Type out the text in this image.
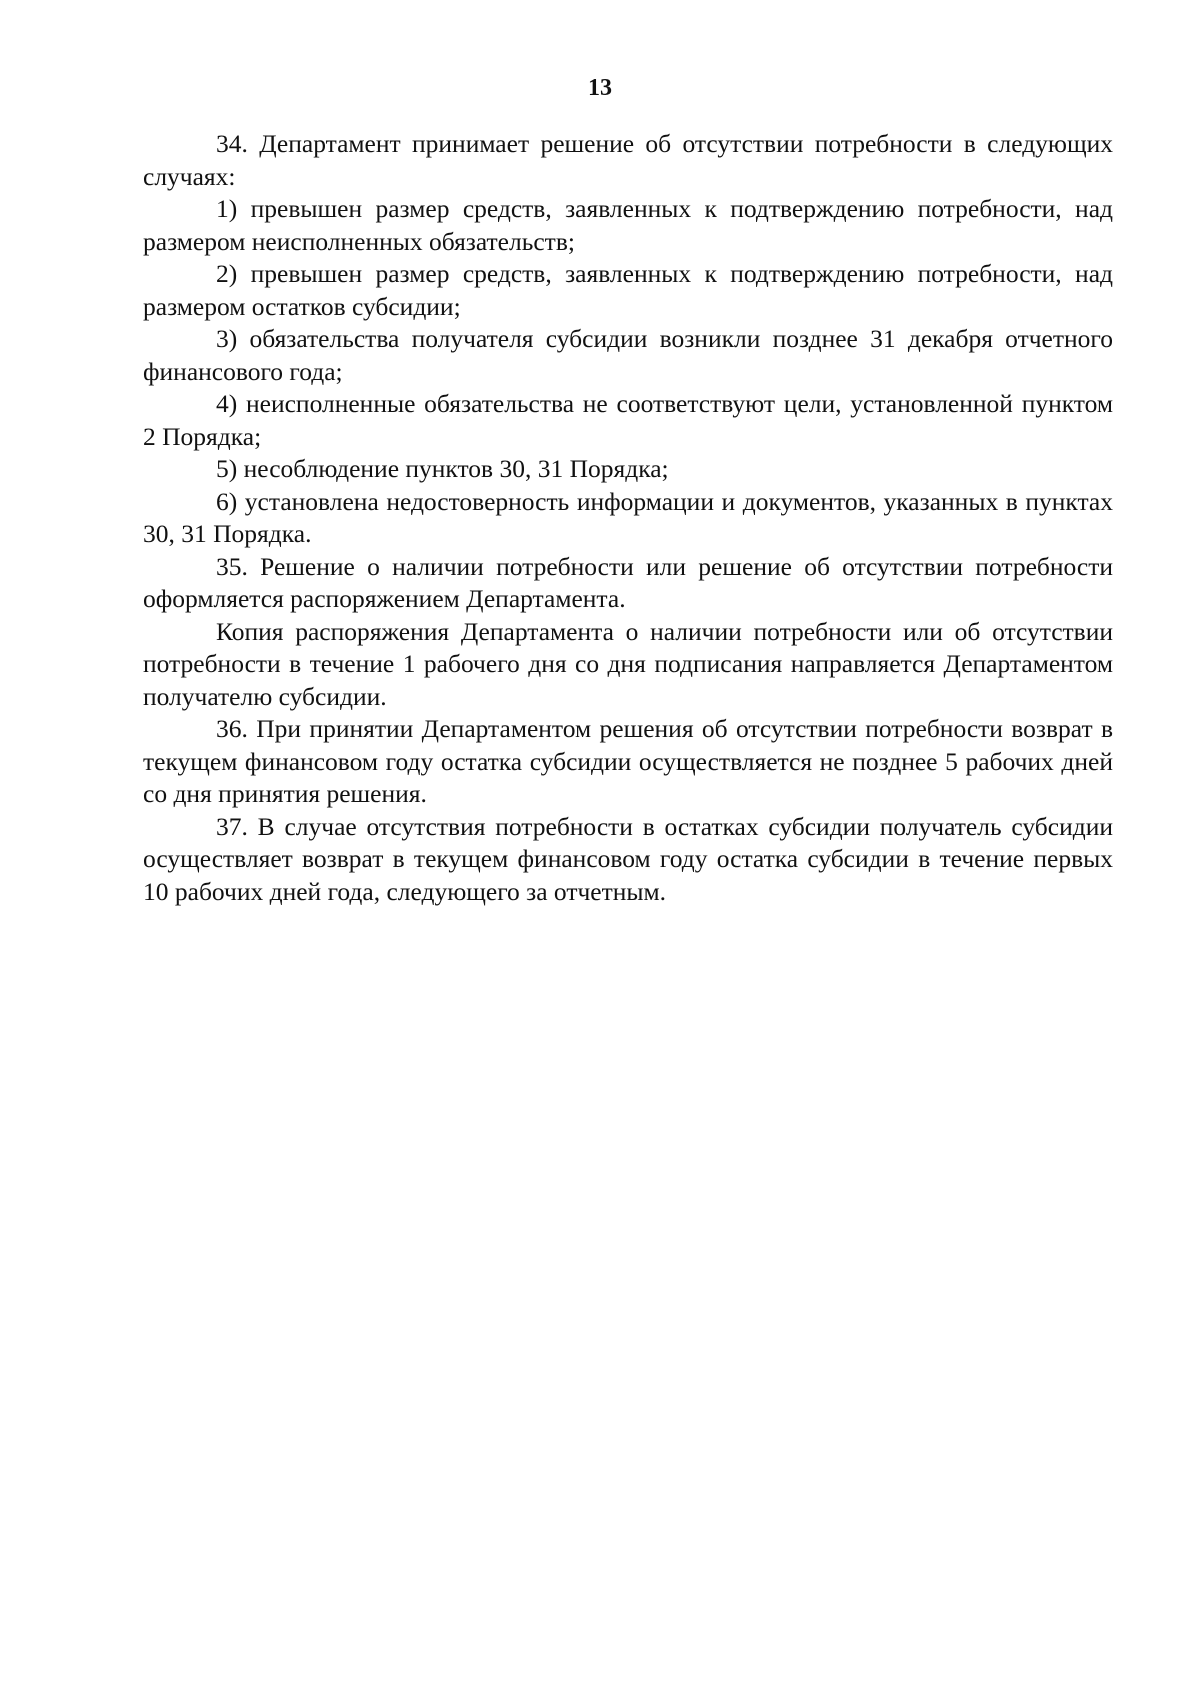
13

34. Департамент принимает решение об отсутствии потребности в следующих случаях:

1) превышен размер средств, заявленных к подтверждению потребности, над размером неисполненных обязательств;

2) превышен размер средств, заявленных к подтверждению потребности, над размером остатков субсидии;

3) обязательства получателя субсидии возникли позднее 31 декабря отчетного финансового года;

4) неисполненные обязательства не соответствуют цели, установленной пунктом 2 Порядка;

5) несоблюдение пунктов 30, 31 Порядка;

6) установлена недостоверность информации и документов, указанных в пунктах 30, 31 Порядка.

35. Решение о наличии потребности или решение об отсутствии потребности оформляется распоряжением Департамента.

Копия распоряжения Департамента о наличии потребности или об отсутствии потребности в течение 1 рабочего дня со дня подписания направляется Департаментом получателю субсидии.

36. При принятии Департаментом решения об отсутствии потребности возврат в текущем финансовом году остатка субсидии осуществляется не позднее 5 рабочих дней со дня принятия решения.

37. В случае отсутствия потребности в остатках субсидии получатель субсидии осуществляет возврат в текущем финансовом году остатка субсидии в течение первых 10 рабочих дней года, следующего за отчетным.
